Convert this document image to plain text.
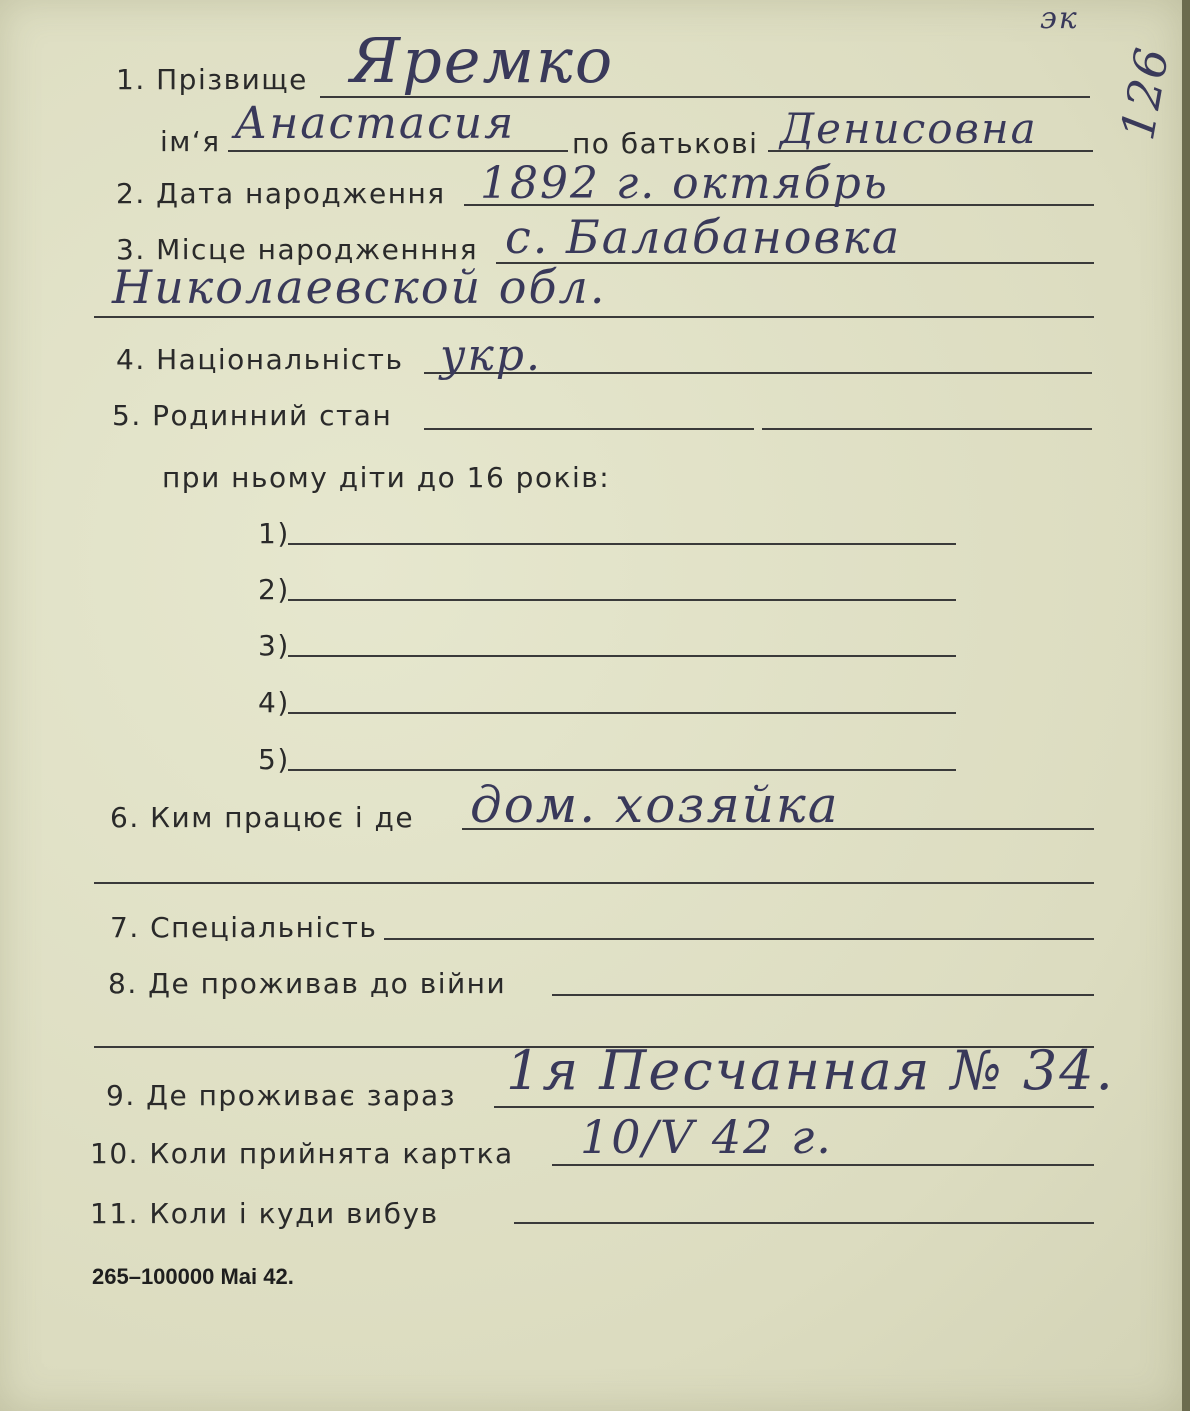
эк
126
1. Прізвище Яремко
ім‘я Анастасия по батькові Денисовна
2. Дата народження 1892 г. октябрь
3. Місце народженння с. Балабановка
Николаевской обл.
4. Національність укр.
5. Родинний стан
при ньому діти до 16 років:
1)
2)
3)
4)
5)
6. Ким працює і де дом. хозяйка
7. Спеціальність
8. Де проживав до війни
9. Де проживає зараз 1я Песчанная № 34.
10. Коли прийнята картка 10/V 42 г.
11. Коли і куди вибув
265–100000 Mai 42.
